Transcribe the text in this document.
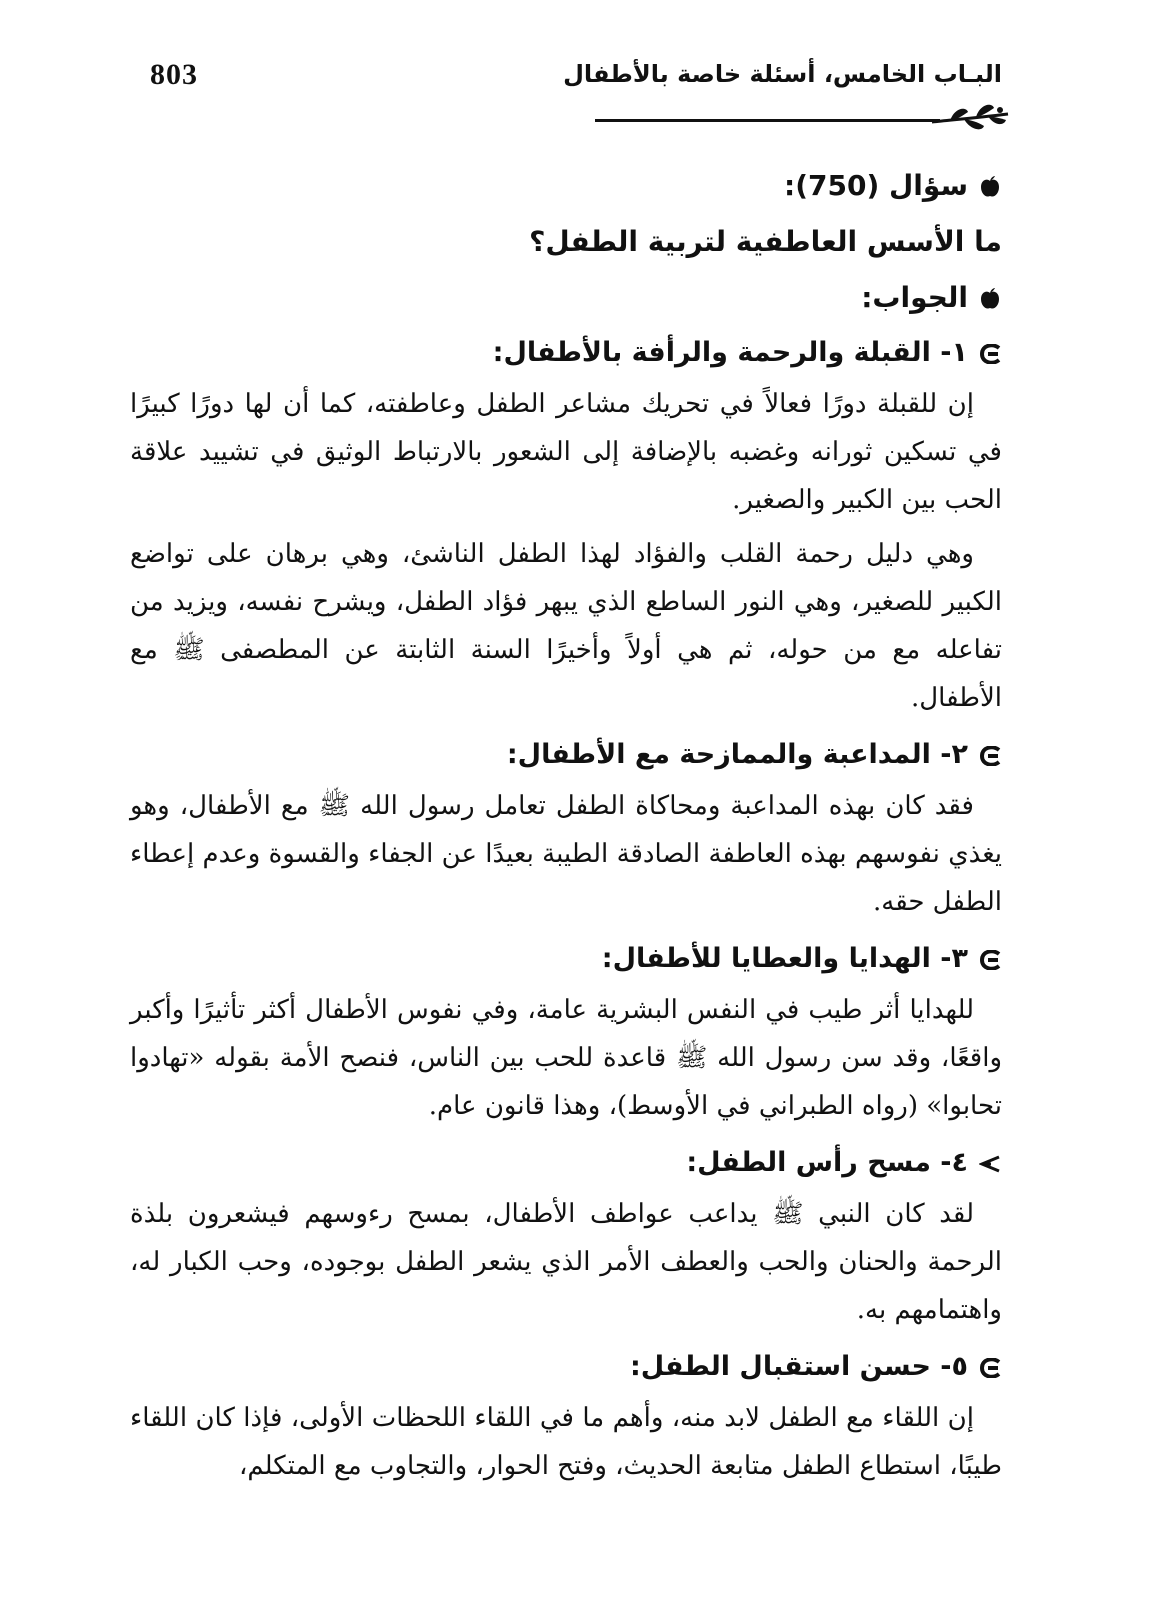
803	البـاب الخامس، أسئلة خاصة بالأطفال

سؤال (750):

ما الأسس العاطفية لتربية الطفل؟

الجواب:

١- القبلة والرحمة والرأفة بالأطفال:

إن للقبلة دورًا فعالاً في تحريك مشاعر الطفل وعاطفته، كما أن لها دورًا كبيرًا في تسكين ثورانه وغضبه بالإضافة إلى الشعور بالارتباط الوثيق في تشييد علاقة الحب بين الكبير والصغير.

وهي دليل رحمة القلب والفؤاد لهذا الطفل الناشئ، وهي برهان على تواضع الكبير للصغير، وهي النور الساطع الذي يبهر فؤاد الطفل، ويشرح نفسه، ويزيد من تفاعله مع من حوله، ثم هي أولاً وأخيرًا السنة الثابتة عن المطصفى ﷺ مع الأطفال.

٢- المداعبة والممازحة مع الأطفال:

فقد كان بهذه المداعبة ومحاكاة الطفل تعامل رسول الله ﷺ مع الأطفال، وهو يغذي نفوسهم بهذه العاطفة الصادقة الطيبة بعيدًا عن الجفاء والقسوة وعدم إعطاء الطفل حقه.

٣- الهدايا والعطايا للأطفال:

للهدايا أثر طيب في النفس البشرية عامة، وفي نفوس الأطفال أكثر تأثيرًا وأكبر واقعًا، وقد سن رسول الله ﷺ قاعدة للحب بين الناس، فنصح الأمة بقوله «تهادوا تحابوا» (رواه الطبراني في الأوسط)، وهذا قانون عام.

٤- مسح رأس الطفل:

لقد كان النبي ﷺ يداعب عواطف الأطفال، بمسح رءوسهم فيشعرون بلذة الرحمة والحنان والحب والعطف الأمر الذي يشعر الطفل بوجوده، وحب الكبار له، واهتمامهم به.

٥- حسن استقبال الطفل:

إن اللقاء مع الطفل لابد منه، وأهم ما في اللقاء اللحظات الأولى، فإذا كان اللقاء طيبًا، استطاع الطفل متابعة الحديث، وفتح الحوار، والتجاوب مع المتكلم،
